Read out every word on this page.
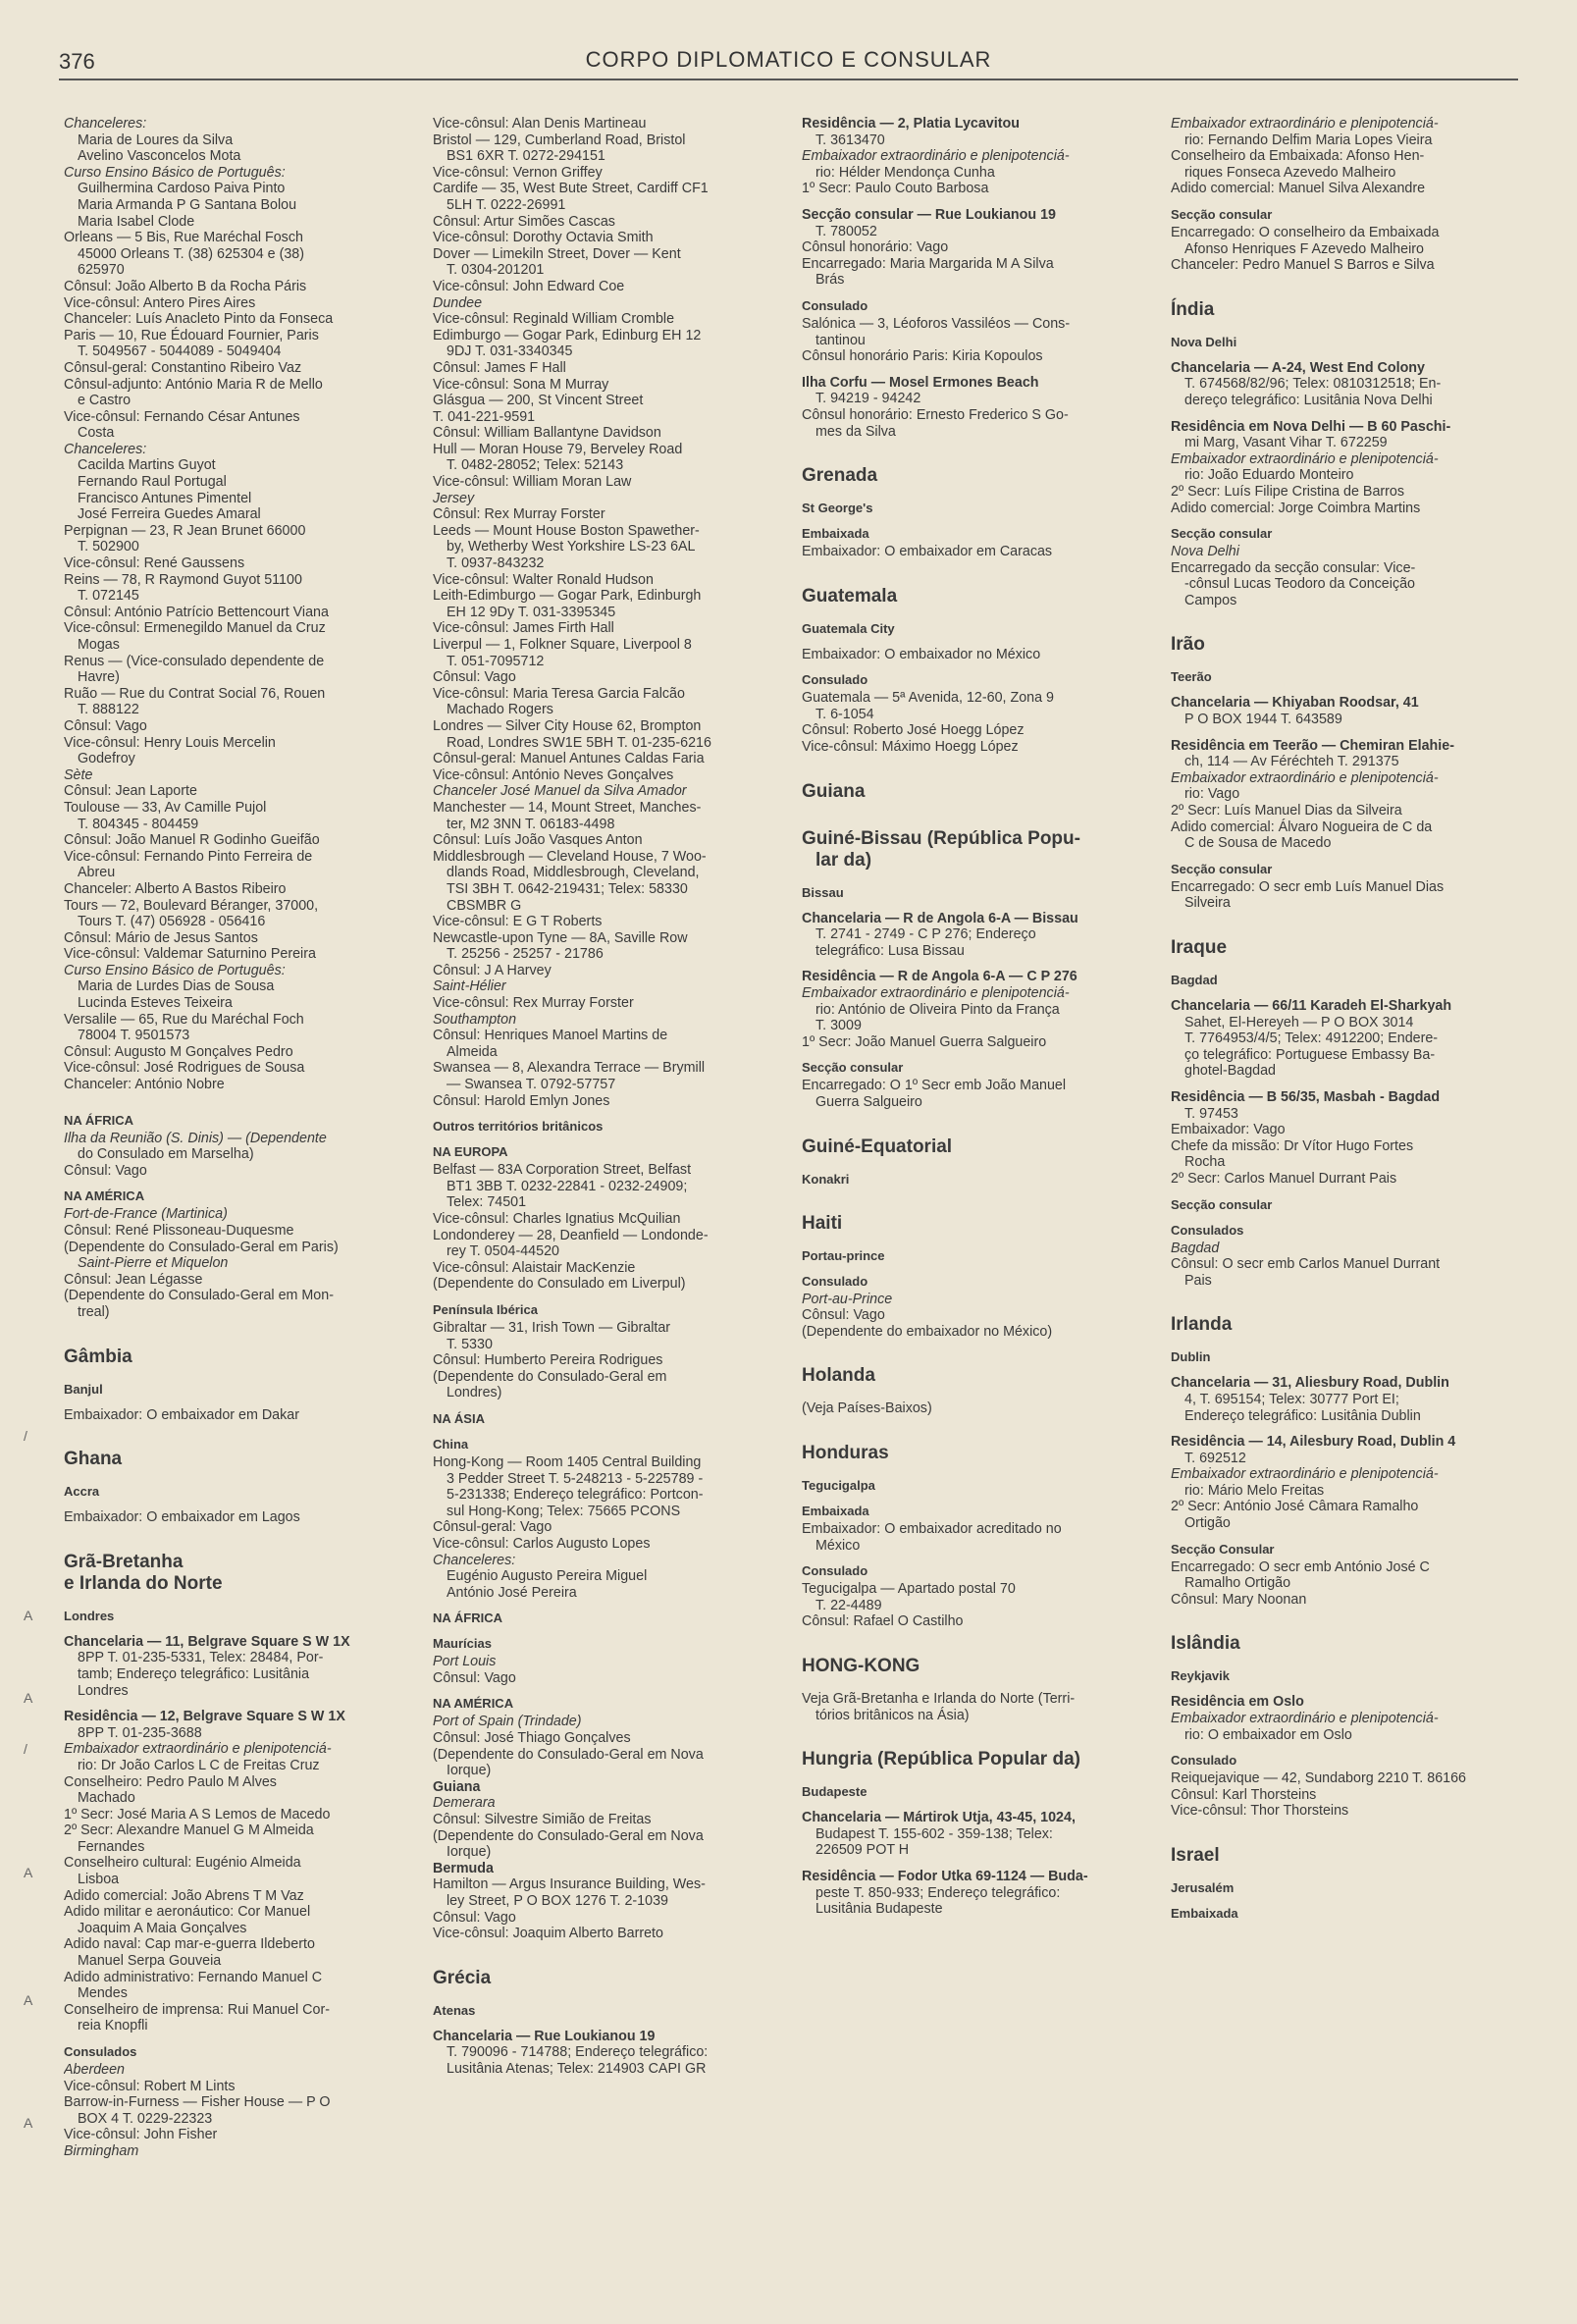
376	CORPO DIPLOMATICO E CONSULAR
Chanceleres:
Maria de Loures da Silva
Avelino Vasconcelos Mota
Curso Ensino Básico de Português:
Guilhermina Cardoso Paiva Pinto
Maria Armanda P G Santana Bolou
Maria Isabel Clode
Orleans — 5 Bis, Rue Maréchal Fosch
45000 Orleans T. (38) 625304 e (38)
625970
Cônsul: João Alberto B da Rocha Páris
Vice-cônsul: Antero Pires Aires
Chanceler: Luís Anacleto Pinto da Fonseca
Paris — 10, Rue Édouard Fournier, Paris
T. 5049567 - 5044089 - 5049404
Cônsul-geral: Constantino Ribeiro Vaz
Cônsul-adjunto: António Maria R de Mello
e Castro
Vice-cônsul: Fernando César Antunes
Costa
Chanceleres:
Cacilda Martins Guyot
Fernando Raul Portugal
Francisco Antunes Pimentel
José Ferreira Guedes Amaral
Perpignan — 23, R Jean Brunet 66000
T. 502900
Vice-cônsul: René Gaussens
Reins — 78, R Raymond Guyot 51100
T. 072145
Cônsul: António Patrício Bettencourt Viana
Vice-cônsul: Ermenegildo Manuel da Cruz
Mogas
Renus — (Vice-consulado dependente de
Havre)
Ruão — Rue du Contrat Social 76, Rouen
T. 888122
Cônsul: Vago
Vice-cônsul: Henry Louis Mercelin
Godefroy
Sète
Cônsul: Jean Laporte
Toulouse — 33, Av Camille Pujol
T. 804345 - 804459
Cônsul: João Manuel R Godinho Gueifão
Vice-cônsul: Fernando Pinto Ferreira de
Abreu
Chanceler: Alberto A Bastos Ribeiro
Tours — 72, Boulevard Béranger, 37000,
Tours T. (47) 056928 - 056416
Cônsul: Mário de Jesus Santos
Vice-cônsul: Valdemar Saturnino Pereira
Curso Ensino Básico de Português:
Maria de Lurdes Dias de Sousa
Lucinda Esteves Teixeira
Versalile — 65, Rue du Maréchal Foch
78004 T. 9501573
Cônsul: Augusto M Gonçalves Pedro
Vice-cônsul: José Rodrigues de Sousa
Chanceler: António Nobre
NA ÁFRICA
Ilha da Reunião (S. Dinis) — (Dependente
do Consulado em Marselha)
Cônsul: Vago
NA AMÉRICA
Fort-de-France (Martinica)
Cônsul: René Plissoneau-Duquesme
(Dependente do Consulado-Geral em Paris)
Saint-Pierre et Miquelon
Cônsul: Jean Légasse
(Dependente do Consulado-Geral em Mon-
treal)
Gâmbia
Banjul
Embaixador: O embaixador em Dakar
Ghana
Accra
Embaixador: O embaixador em Lagos
Grã-Bretanha
e Irlanda do Norte
Londres
Chancelaria — 11, Belgrave Square S W 1X
8PP T. 01-235-5331, Telex: 28484, Por-
tamb; Endereço telegráfico: Lusitânia
Londres
Residência — 12, Belgrave Square S W 1X
8PP T. 01-235-3688
Embaixador extraordinário e plenipotenciá-
rio: Dr João Carlos L C de Freitas Cruz
Conselheiro: Pedro Paulo M Alves
Machado
1º Secr: José Maria A S Lemos de Macedo
2º Secr: Alexandre Manuel G M Almeida
Fernandes
Conselheiro cultural: Eugénio Almeida
Lisboa
Adido comercial: João Abrens T M Vaz
Adido militar e aeronáutico: Cor Manuel
Joaquim A Maia Gonçalves
Adido naval: Cap mar-e-guerra Ildeberto
Manuel Serpa Gouveia
Adido administrativo: Fernando Manuel C
Mendes
Conselheiro de imprensa: Rui Manuel Cor-
reia Knopfli
Consulados
Aberdeen
Vice-cônsul: Robert M Lints
Barrow-in-Furness — Fisher House — P O
BOX 4 T. 0229-22323
Vice-cônsul: John Fisher
Birmingham
Vice-cônsul: Alan Denis Martineau
Bristol — 129, Cumberland Road, Bristol
BS1 6XR T. 0272-294151
Vice-cônsul: Vernon Griffey
Cardife — 35, West Bute Street, Cardiff CF1
5LH T. 0222-26991
Cônsul: Artur Simões Cascas
Vice-cônsul: Dorothy Octavia Smith
Dover — Limekiln Street, Dover — Kent
T. 0304-201201
Vice-cônsul: John Edward Coe
Dundee
Vice-cônsul: Reginald William Cromble
Edimburgo — Gogar Park, Edinburg EH 12
9DJ T. 031-3340345
Cônsul: James F Hall
Vice-cônsul: Sona M Murray
Glásgua — 200, St Vincent Street
T. 041-221-9591
Cônsul: William Ballantyne Davidson
Hull — Moran House 79, Berveley Road
T. 0482-28052; Telex: 52143
Vice-cônsul: William Moran Law
Jersey
Cônsul: Rex Murray Forster
Leeds — Mount House Boston Spawether-
by, Wetherby West Yorkshire LS-23 6AL
T. 0937-843232
Vice-cônsul: Walter Ronald Hudson
Leith-Edimburgo — Gogar Park, Edinburgh
EH 12 9Dy T. 031-3395345
Vice-cônsul: James Firth Hall
Liverpul — 1, Folkner Square, Liverpool 8
T. 051-7095712
Cônsul: Vago
Vice-cônsul: Maria Teresa Garcia Falcão
Machado Rogers
Londres — Silver City House 62, Brompton
Road, Londres SW1E 5BH T. 01-235-6216
Cônsul-geral: Manuel Antunes Caldas Faria
Vice-cônsul: António Neves Gonçalves
Chanceler José Manuel da Silva Amador
Manchester — 14, Mount Street, Manches-
ter, M2 3NN T. 06183-4498
Cônsul: Luís João Vasques Anton
Middlesbrough — Cleveland House, 7 Woo-
dlands Road, Middlesbrough, Cleveland,
TSI 3BH T. 0642-219431; Telex: 58330
CBSMBR G
Vice-cônsul: E G T Roberts
Newcastle-upon Tyne — 8A, Saville Row
T. 25256 - 25257 - 21786
Cônsul: J A Harvey
Saint-Hélier
Vice-cônsul: Rex Murray Forster
Southampton
Cônsul: Henriques Manoel Martins de
Almeida
Swansea — 8, Alexandra Terrace — Brymill
— Swansea T. 0792-57757
Cônsul: Harold Emlyn Jones
Outros territórios britânicos
NA EUROPA
Belfast — 83A Corporation Street, Belfast
BT1 3BB T. 0232-22841 - 0232-24909;
Telex: 74501
Vice-cônsul: Charles Ignatius McQuilian
Londonderey — 28, Deanfield — Londonde-
rey T. 0504-44520
Vice-cônsul: Alaistair MacKenzie
(Dependente do Consulado em Liverpul)
Península Ibérica
Gibraltar — 31, Irish Town — Gibraltar
T. 5330
Cônsul: Humberto Pereira Rodrigues
(Dependente do Consulado-Geral em
Londres)
NA ÁSIA
China
Hong-Kong — Room 1405 Central Building
3 Pedder Street T. 5-248213 - 5-225789 -
5-231338; Endereço telegráfico: Portcon-
sul Hong-Kong; Telex: 75665 PCONS
Cônsul-geral: Vago
Vice-cônsul: Carlos Augusto Lopes
Chanceleres:
Eugénio Augusto Pereira Miguel
António José Pereira
NA ÁFRICA
Maurícias
Port Louis
Cônsul: Vago
NA AMÉRICA
Port of Spain (Trindade)
Cônsul: José Thiago Gonçalves
(Dependente do Consulado-Geral em Nova
Iorque)
Guiana
Demerara
Cônsul: Silvestre Simião de Freitas
(Dependente do Consulado-Geral em Nova
Iorque)
Bermuda
Hamilton — Argus Insurance Building, Wes-
ley Street, P O BOX 1276 T. 2-1039
Cônsul: Vago
Vice-cônsul: Joaquim Alberto Barreto
Grécia
Atenas
Chancelaria — Rue Loukianou 19
T. 790096 - 714788; Endereço telegráfico:
Lusitânia Atenas; Telex: 214903 CAPI GR
Residência — 2, Platia Lycavitou
T. 3613470
Embaixador extraordinário e plenipotenciá-
rio: Hélder Mendonça Cunha
1º Secr: Paulo Couto Barbosa
Secção consular — Rue Loukianou 19
T. 780052
Cônsul honorário: Vago
Encarregado: Maria Margarida M A Silva
Brás
Consulado
Salónica — 3, Léoforos Vassiléos — Cons-
tantinou
Cônsul honorário Paris: Kiria Kopoulos
Ilha Corfu — Mosel Ermones Beach
T. 94219 - 94242
Cônsul honorário: Ernesto Frederico S Go-
mes da Silva
Grenada
St George's
Embaixada
Embaixador: O embaixador em Caracas
Guatemala
Guatemala City
Embaixador: O embaixador no México
Consulado
Guatemala — 5ª Avenida, 12-60, Zona 9
T. 6-1054
Cônsul: Roberto José Hoegg López
Vice-cônsul: Máximo Hoegg López
Guiana
Guiné-Bissau (República Popu-
lar da)
Bissau
Chancelaria — R de Angola 6-A — Bissau
T. 2741 - 2749 - C P 276; Endereço
telegráfico: Lusa Bissau
Residência — R de Angola 6-A — C P 276
Embaixador extraordinário e plenipotenciá-
rio: António de Oliveira Pinto da França
T. 3009
1º Secr: João Manuel Guerra Salgueiro
Secção consular
Encarregado: O 1º Secr emb João Manuel
Guerra Salgueiro
Guiné-Equatorial
Konakri
Haiti
Portau-prince
Consulado
Port-au-Prince
Cônsul: Vago
(Dependente do embaixador no México)
Holanda
(Veja Países-Baixos)
Honduras
Tegucigalpa
Embaixada
Embaixador: O embaixador acreditado no
México
Consulado
Tegucigalpa — Apartado postal 70
T. 22-4489
Cônsul: Rafael O Castilho
HONG-KONG
Veja Grã-Bretanha e Irlanda do Norte (Terri-
tórios britânicos na Ásia)
Hungria (República Popular da)
Budapeste
Chancelaria — Mártirok Utja, 43-45, 1024,
Budapest T. 155-602 - 359-138; Telex:
226509 POT H
Residência — Fodor Utka 69-1124 — Buda-
peste T. 850-933; Endereço telegráfico:
Lusitânia Budapeste
Embaixador extraordinário e plenipotenciá-
rio: Fernando Delfim Maria Lopes Vieira
Conselheiro da Embaixada: Afonso Hen-
riques Fonseca Azevedo Malheiro
Adido comercial: Manuel Silva Alexandre
Secção consular
Encarregado: O conselheiro da Embaixada
Afonso Henriques F Azevedo Malheiro
Chanceler: Pedro Manuel S Barros e Silva
Índia
Nova Delhi
Chancelaria — A-24, West End Colony
T. 674568/82/96; Telex: 0810312518; En-
dereço telegráfico: Lusitânia Nova Delhi
Residência em Nova Delhi — B 60 Paschi-
mi Marg, Vasant Vihar T. 672259
Embaixador extraordinário e plenipotenciá-
rio: João Eduardo Monteiro
2º Secr: Luís Filipe Cristina de Barros
Adido comercial: Jorge Coimbra Martins
Secção consular
Nova Delhi
Encarregado da secção consular: Vice-
-cônsul Lucas Teodoro da Conceição
Campos
Irão
Teerão
Chancelaria — Khiyaban Roodsar, 41
P O BOX 1944 T. 643589
Residência em Teerão — Chemiran Elahie-
ch, 114 — Av Féréchteh T. 291375
Embaixador extraordinário e plenipotenciá-
rio: Vago
2º Secr: Luís Manuel Dias da Silveira
Adido comercial: Álvaro Nogueira de C da
C de Sousa de Macedo
Secção consular
Encarregado: O secr emb Luís Manuel Dias
Silveira
Iraque
Bagdad
Chancelaria — 66/11 Karadeh El-Sharkyah
Sahet, El-Hereyeh — P O BOX 3014
T. 7764953/4/5; Telex: 4912200; Endere-
ço telegráfico: Portuguese Embassy Ba-
ghotel-Bagdad
Residência — B 56/35, Masbah - Bagdad
T. 97453
Embaixador: Vago
Chefe da missão: Dr Vítor Hugo Fortes
Rocha
2º Secr: Carlos Manuel Durrant Pais
Secção consular
Consulados
Bagdad
Cônsul: O secr emb Carlos Manuel Durrant
Pais
Irlanda
Dublin
Chancelaria — 31, Aliesbury Road, Dublin
4, T. 695154; Telex: 30777 Port EI;
Endereço telegráfico: Lusitânia Dublin
Residência — 14, Ailesbury Road, Dublin 4
T. 692512
Embaixador extraordinário e plenipotenciá-
rio: Mário Melo Freitas
2º Secr: António José Câmara Ramalho
Ortigão
Secção Consular
Encarregado: O secr emb António José C
Ramalho Ortigão
Cônsul: Mary Noonan
Islândia
Reykjavik
Residência em Oslo
Embaixador extraordinário e plenipotenciá-
rio: O embaixador em Oslo
Consulado
Reiquejavique — 42, Sundaborg 2210 T. 86166
Cônsul: Karl Thorsteins
Vice-cônsul: Thor Thorsteins
Israel
Jerusalém
Embaixada
/
A
A
/
A
A
A
